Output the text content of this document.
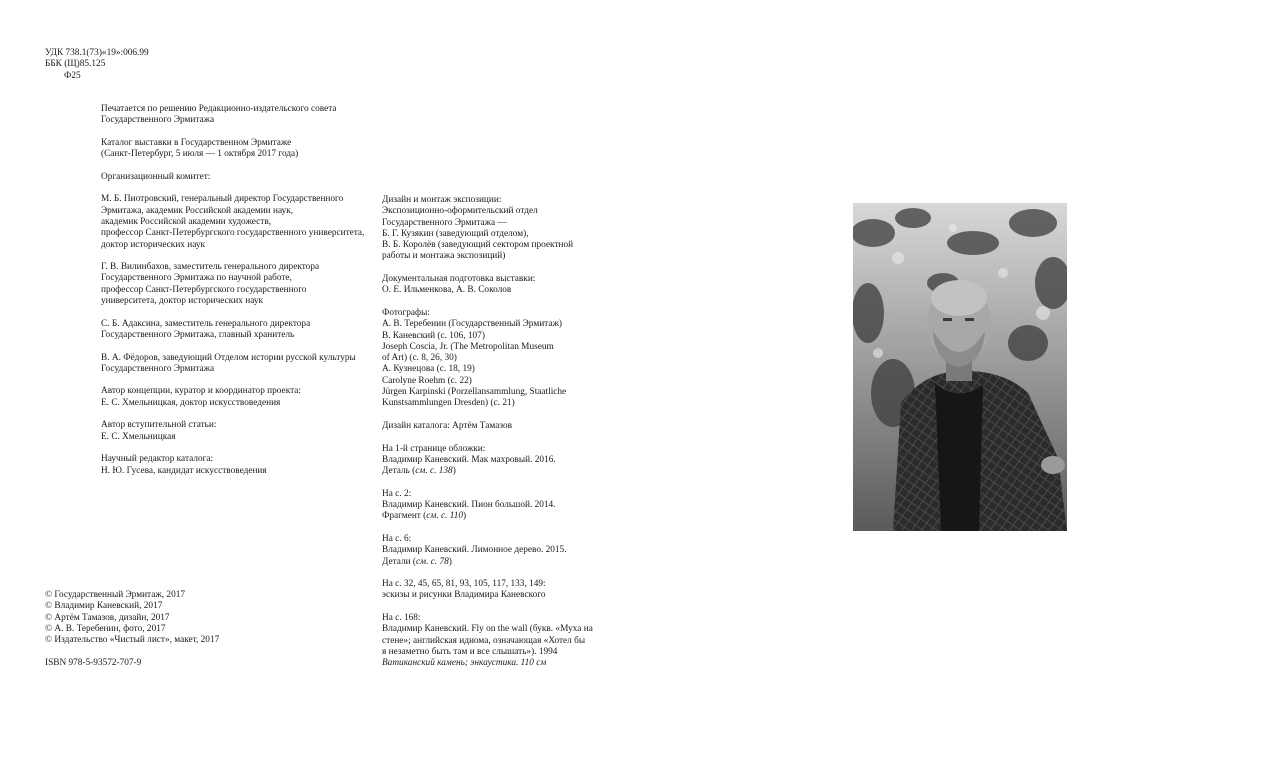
УДК 738.1(73)«19»:006.99
ББК (Щ)85.125
Ф25
Печатается по решению Редакционно-издательского совета
Государственного Эрмитажа
Каталог выставки в Государственном Эрмитаже
(Санкт-Петербург, 5 июля — 1 октября 2017 года)
Организационный комитет:
М. Б. Пиотровский, генеральный директор Государственного
Эрмитажа, академик Российской академии наук,
академик Российской академии художеств,
профессор Санкт-Петербургского государственного университета,
доктор исторических наук
Г. В. Вилинбахов, заместитель генерального директора
Государственного Эрмитажа по научной работе,
профессор Санкт-Петербургского государственного
университета, доктор исторических наук
С. Б. Адаксина, заместитель генерального директора
Государственного Эрмитажа, главный хранитель
В. А. Фёдоров, заведующий Отделом истории русской культуры
Государственного Эрмитажа
Автор концепции, куратор и координатор проекта:
Е. С. Хмельницкая, доктор искусствоведения
Автор вступительной статьи:
Е. С. Хмельницкая
Научный редактор каталога:
Н. Ю. Гусева, кандидат искусствоведения
© Государственный Эрмитаж, 2017
© Владимир Каневский, 2017
© Артём Тамазов, дизайн, 2017
© А. В. Теребенин, фото, 2017
© Издательство «Чистый лист», макет, 2017
ISBN 978-5-93572-707-9
Дизайн и монтаж экспозиции:
Экспозиционно-оформительский отдел
Государственного Эрмитажа —
Б. Г. Кузякин (заведующий отделом),
В. Б. Королёв (заведующий сектором проектной
работы и монтажа экспозиций)
Документальная подготовка выставки:
О. Е. Ильменкова, А. В. Соколов
Фотографы:
А. В. Теребенин (Государственный Эрмитаж)
В. Каневский (с. 106, 107)
Joseph Coscia, Jr. (The Metropolitan Museum
of Art) (с. 8, 26, 30)
А. Кузнецова (с. 18, 19)
Carolyne Roehm (с. 22)
Jürgen Karpinski (Porzellansammlung, Staatliche
Kunstsammlungen Dresden) (с. 21)
Дизайн каталога: Артём Тамазов
На 1-й странице обложки:
Владимир Каневский. Мак махровый. 2016.
Деталь (см. с. 138)
На с. 2:
Владимир Каневский. Пион большой. 2014.
Фрагмент (см. с. 110)
На с. 6:
Владимир Каневский. Лимонное дерево. 2015.
Детали (см. с. 78)
На с. 32, 45, 65, 81, 93, 105, 117, 133, 149:
эскизы и рисунки Владимира Каневского
На с. 168:
Владимир Каневский. Fly on the wall (букв. «Муха на
стене»; английская идиома, означающая «Хотел бы
я незаметно быть там и все слышать»). 1994
Ватиканский камень; энкаустика. 110 см
